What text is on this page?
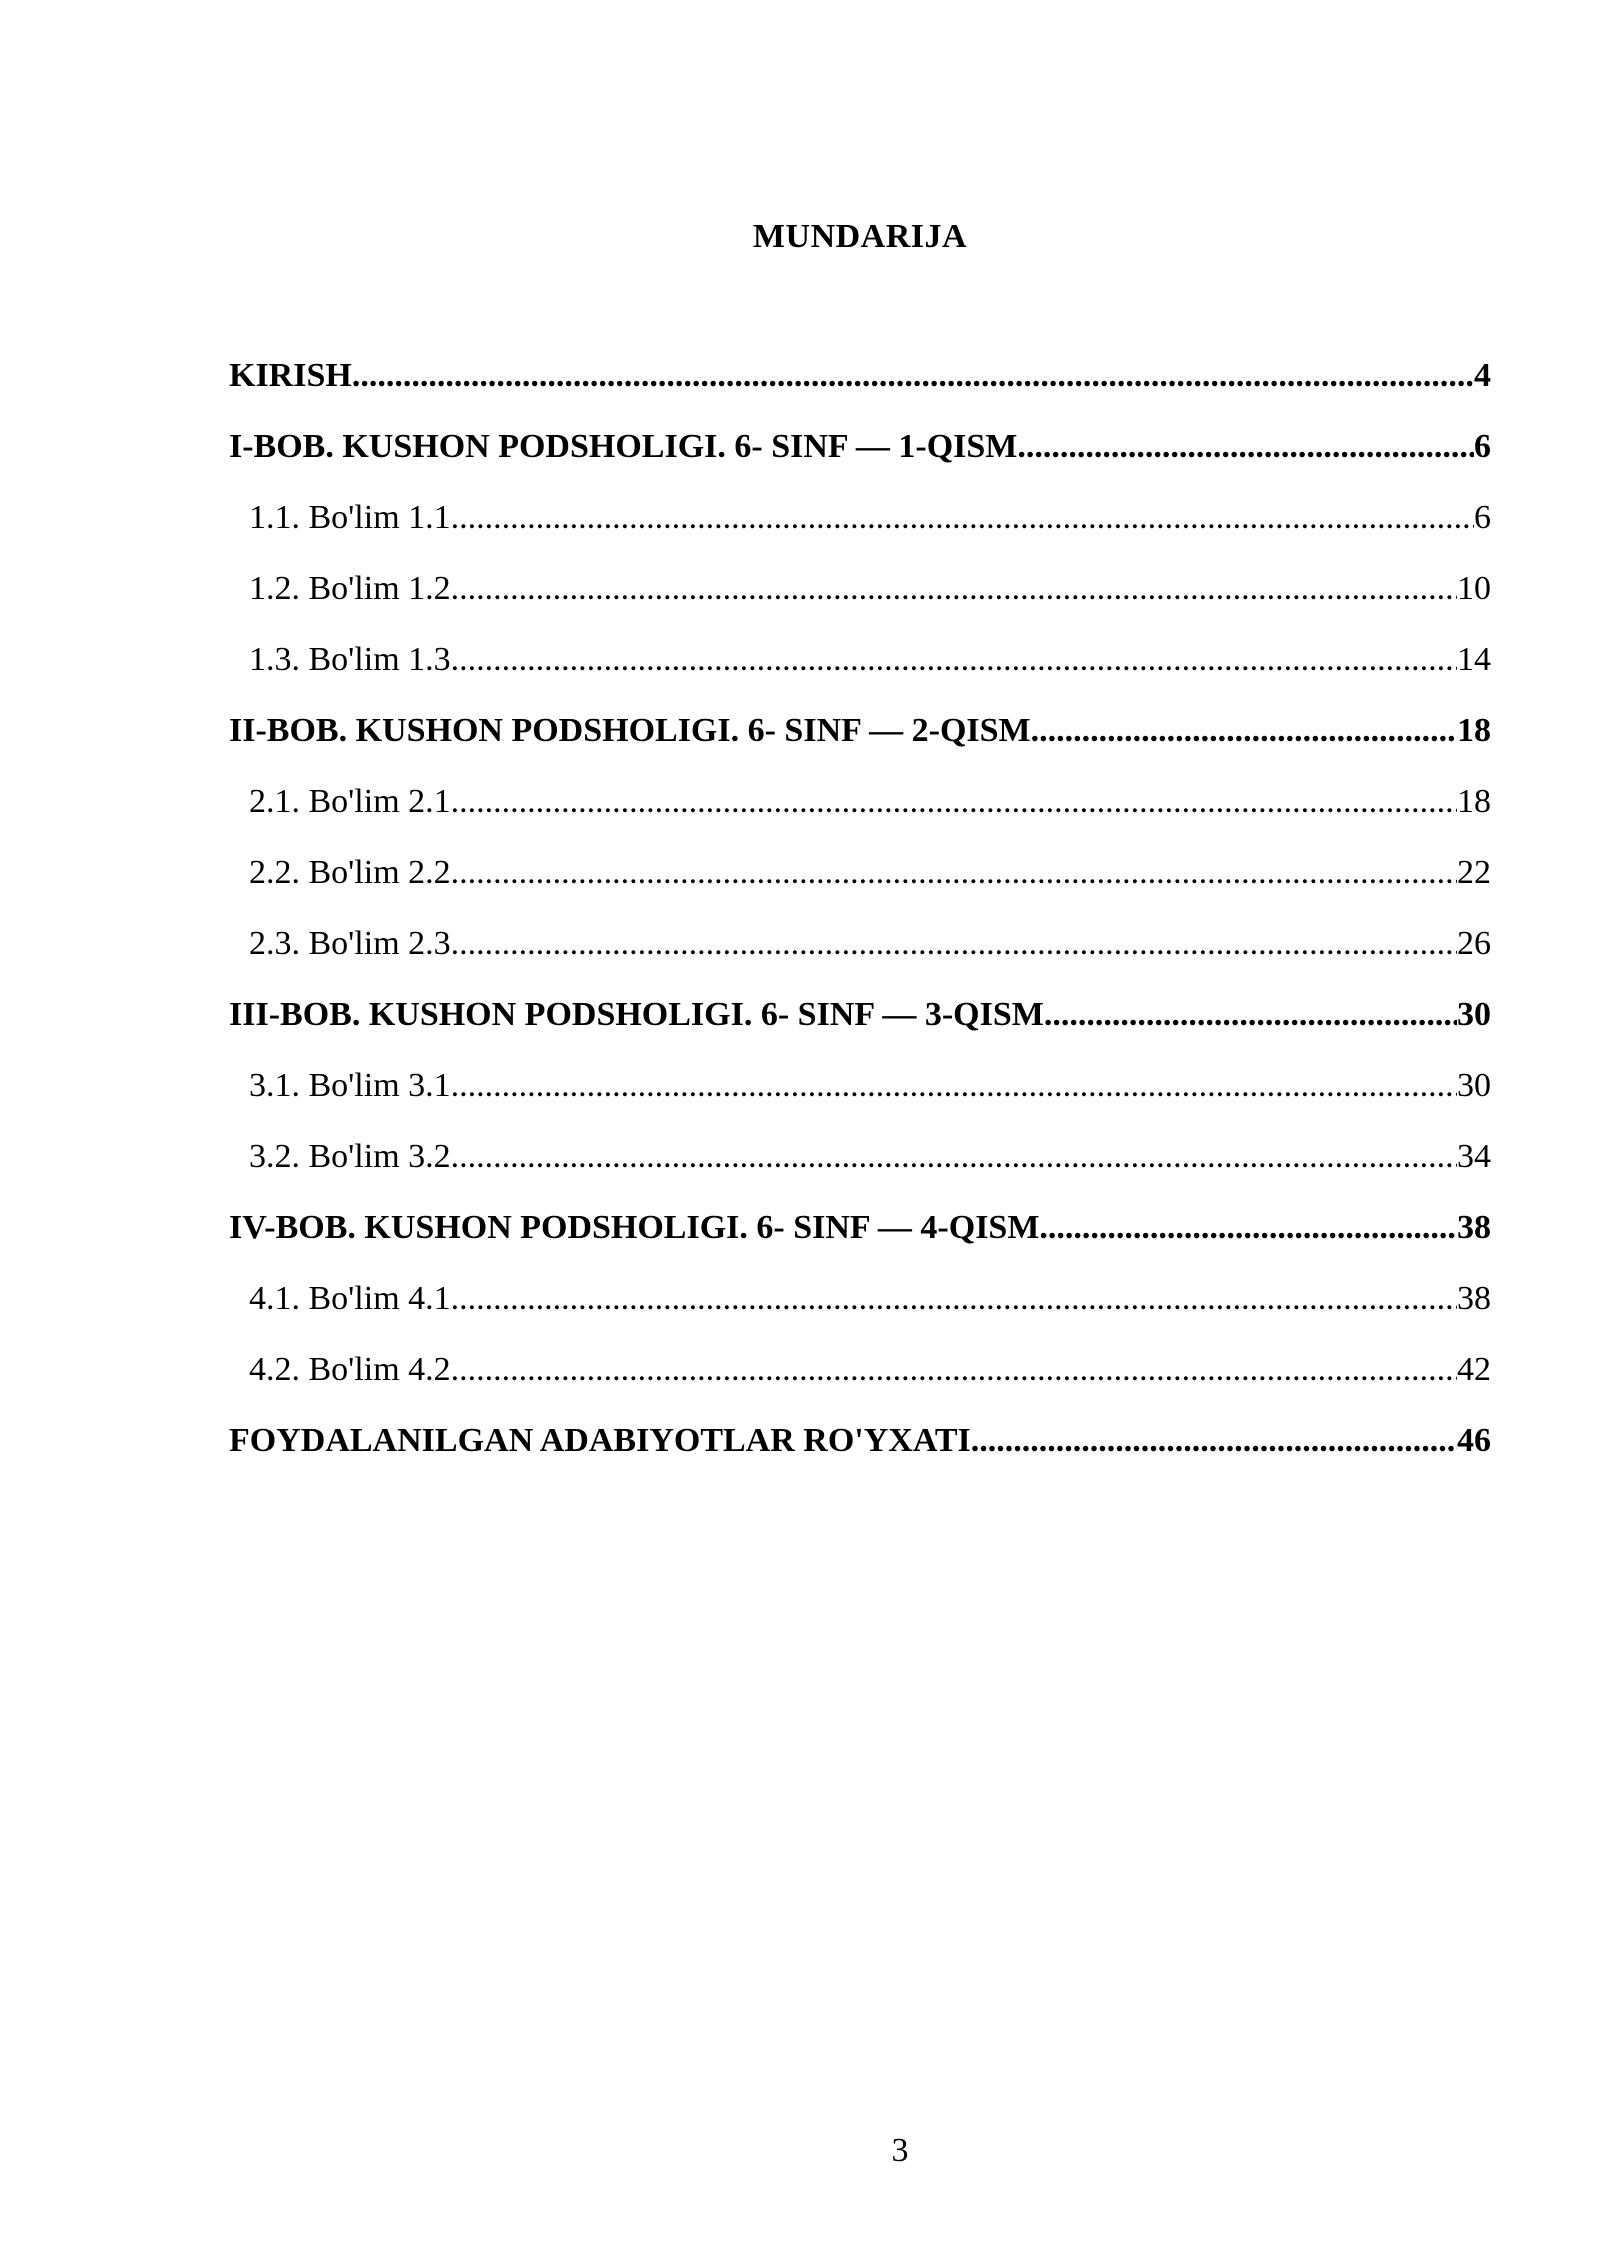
MUNDARIJA
KIRISH .....	4
I-BOB. KUSHON PODSHOLIGI. 6- SINF — 1-QISM .....	6
1.1. Bo'lim 1.1 .....	6
1.2. Bo'lim 1.2 .....	10
1.3. Bo'lim 1.3 .....	14
II-BOB. KUSHON PODSHOLIGI. 6- SINF — 2-QISM .....	18
2.1. Bo'lim 2.1 .....	18
2.2. Bo'lim 2.2 .....	22
2.3. Bo'lim 2.3 .....	26
III-BOB. KUSHON PODSHOLIGI. 6- SINF — 3-QISM .....	30
3.1. Bo'lim 3.1 .....	30
3.2. Bo'lim 3.2 .....	34
IV-BOB. KUSHON PODSHOLIGI. 6- SINF — 4-QISM .....	38
4.1. Bo'lim 4.1 .....	38
4.2. Bo'lim 4.2 .....	42
FOYDALANILGAN ADABIYOTLAR RO'YXATI .....	46
3
